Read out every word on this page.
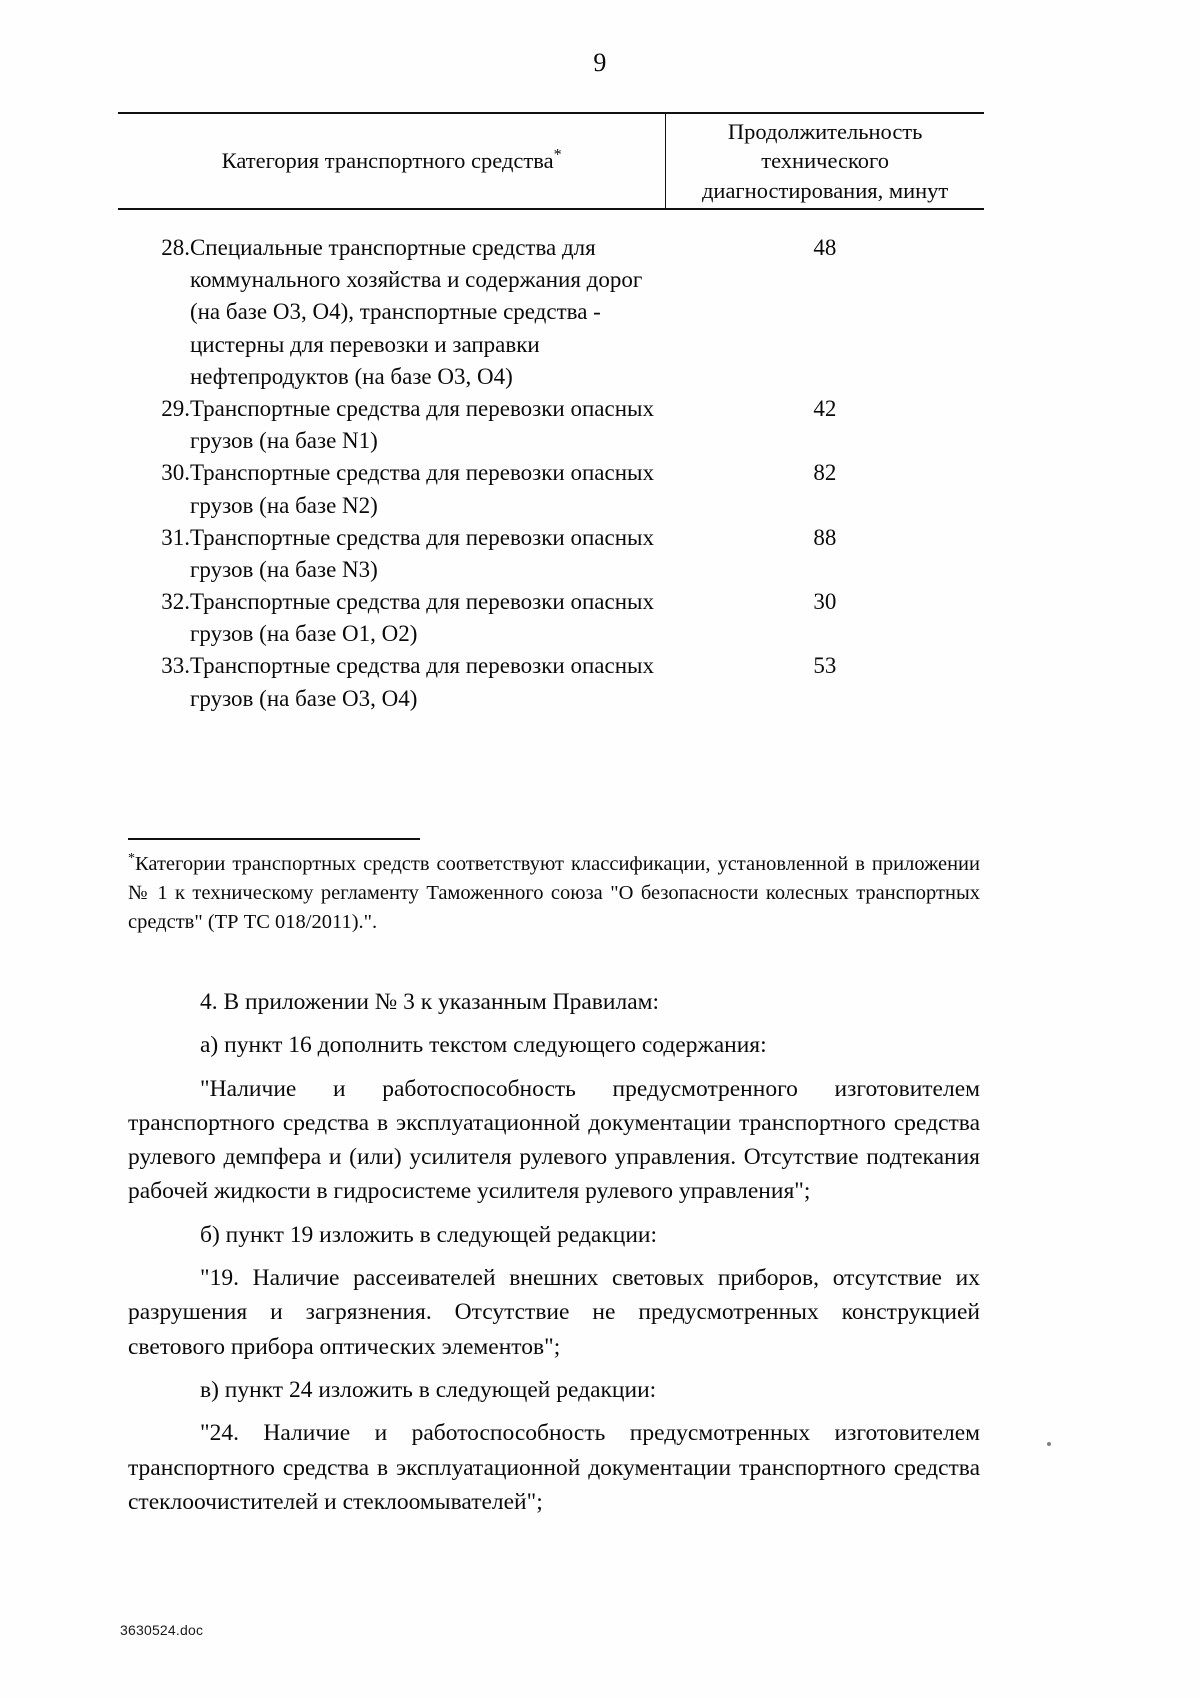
9
Категория транспортного средства*		Продолжительность
технического
диагностирования, минут

28.	Специальные транспортные средства для коммунального хозяйства и содержания дорог (на базе O3, O4), транспортные средства - цистерны для перевозки и заправки нефтепродуктов (на базе O3, O4)	48
29.	Транспортные средства для перевозки опасных грузов (на базе N1)	42
30.	Транспортные средства для перевозки опасных грузов (на базе N2)	82
31.	Транспортные средства для перевозки опасных грузов (на базе N3)	88
32.	Транспортные средства для перевозки опасных грузов (на базе O1, O2)	30
33.	Транспортные средства для перевозки опасных грузов (на базе O3, O4)	53
*Категории транспортных средств соответствуют классификации, установленной в приложении № 1 к техническому регламенту Таможенного союза "О безопасности колесных транспортных средств" (ТР ТС 018/2011).".

4. В приложении № 3 к указанным Правилам:

а) пункт 16 дополнить текстом следующего содержания:

"Наличие и работоспособность предусмотренного изготовителем транспортного средства в эксплуатационной документации транспортного средства рулевого демпфера и (или) усилителя рулевого управления. Отсутствие подтекания рабочей жидкости в гидросистеме усилителя рулевого управления";

б) пункт 19 изложить в следующей редакции:

"19. Наличие рассеивателей внешних световых приборов, отсутствие их разрушения и загрязнения. Отсутствие не предусмотренных конструкцией светового прибора оптических элементов";

в) пункт 24 изложить в следующей редакции:

"24. Наличие и работоспособность предусмотренных изготовителем транспортного средства в эксплуатационной документации транспортного средства стеклоочистителей и стеклоомывателей";

3630524.doc
